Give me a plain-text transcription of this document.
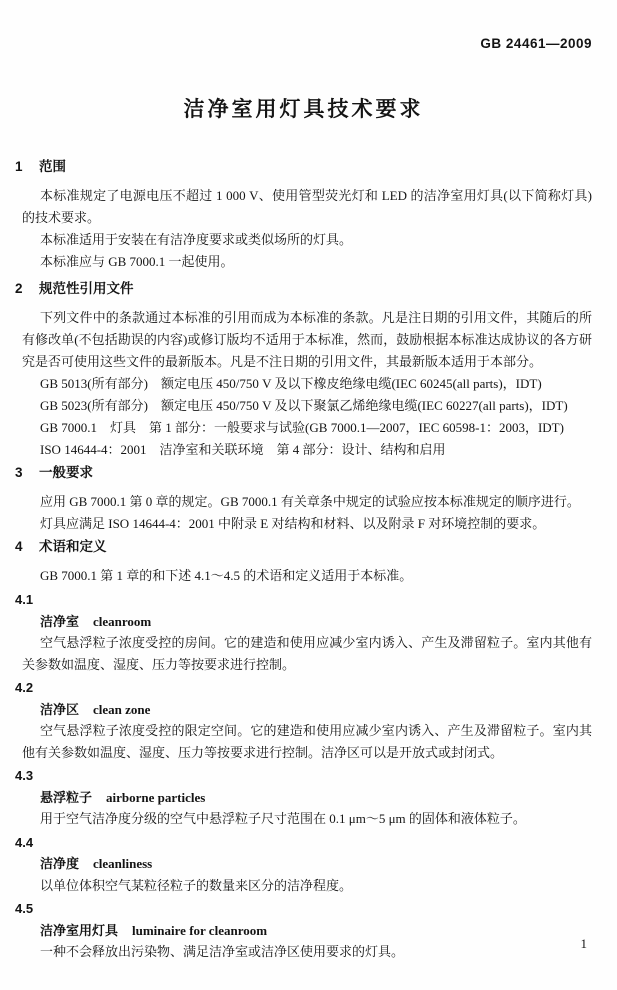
GB 24461—2009
洁净室用灯具技术要求
1 范围

本标准规定了电源电压不超过 1 000 V、使用管型荧光灯和 LED 的洁净室用灯具(以下简称灯具)的技术要求。

本标准适用于安装在有洁净度要求或类似场所的灯具。

本标准应与 GB 7000.1 一起使用。

2 规范性引用文件

下列文件中的条款通过本标准的引用而成为本标准的条款。凡是注日期的引用文件，其随后的所有修改单(不包括勘误的内容)或修订版均不适用于本标准，然而，鼓励根据本标准达成协议的各方研究是否可使用这些文件的最新版本。凡是不注日期的引用文件，其最新版本适用于本部分。

GB 5013(所有部分)　额定电压 450/750 V 及以下橡皮绝缘电缆(IEC 60245(all parts)，IDT)
GB 5023(所有部分)　额定电压 450/750 V 及以下聚氯乙烯绝缘电缆(IEC 60227(all parts)，IDT)
GB 7000.1　灯具　第 1 部分：一般要求与试验(GB 7000.1—2007，IEC 60598-1：2003，IDT)
ISO 14644-4：2001　洁净室和关联环境　第 4 部分：设计、结构和启用
3 一般要求

应用 GB 7000.1 第 0 章的规定。GB 7000.1 有关章条中规定的试验应按本标准规定的顺序进行。

灯具应满足 ISO 14644-4：2001 中附录 E 对结构和材料、以及附录 F 对环境控制的要求。

4 术语和定义

GB 7000.1 第 1 章的和下述 4.1～4.5 的术语和定义适用于本标准。

4.1
洁净室 cleanroom

空气悬浮粒子浓度受控的房间。它的建造和使用应减少室内诱入、产生及滞留粒子。室内其他有关参数如温度、湿度、压力等按要求进行控制。

4.2
洁净区 clean zone

空气悬浮粒子浓度受控的限定空间。它的建造和使用应减少室内诱入、产生及滞留粒子。室内其他有关参数如温度、湿度、压力等按要求进行控制。洁净区可以是开放式或封闭式。

4.3
悬浮粒子 airborne particles

用于空气洁净度分级的空气中悬浮粒子尺寸范围在 0.1 μm～5 μm 的固体和液体粒子。

4.4
洁净度 cleanliness

以单位体积空气某粒径粒子的数量来区分的洁净程度。

4.5
洁净室用灯具 luminaire for cleanroom

一种不会释放出污染物、满足洁净室或洁净区使用要求的灯具。

1
